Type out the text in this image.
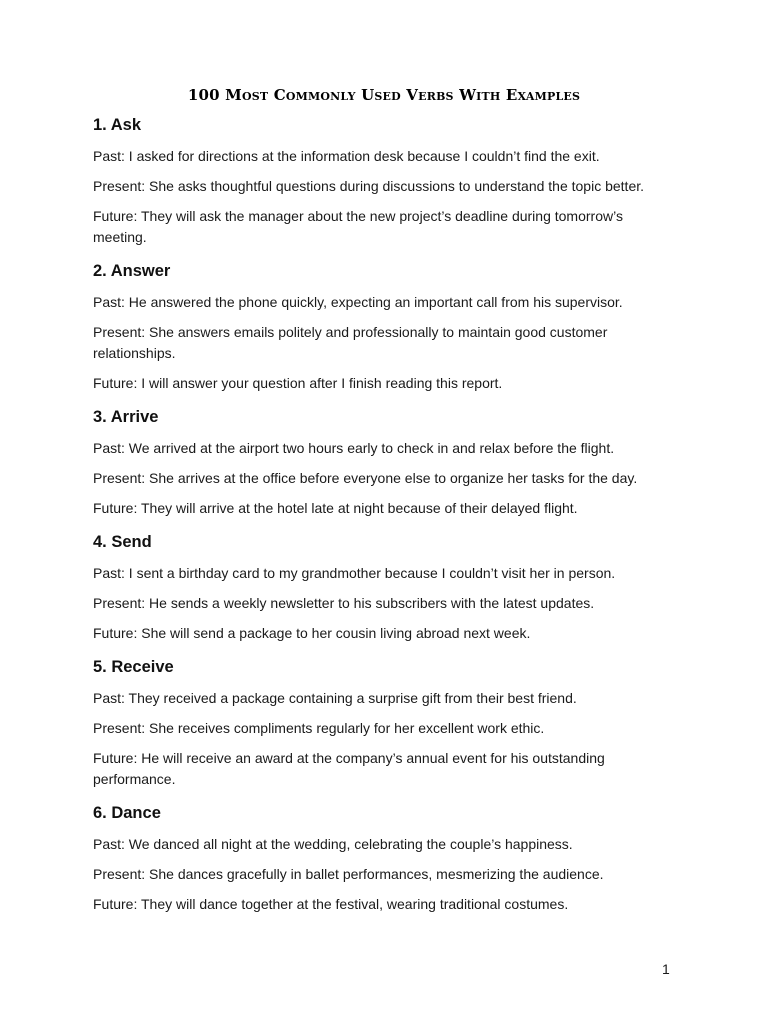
100 Most Commonly Used Verbs With Examples
1. Ask

Past: I asked for directions at the information desk because I couldn’t find the exit.

Present: She asks thoughtful questions during discussions to understand the topic better.

Future: They will ask the manager about the new project’s deadline during tomorrow’s meeting.

2. Answer

Past: He answered the phone quickly, expecting an important call from his supervisor.

Present: She answers emails politely and professionally to maintain good customer relationships.

Future: I will answer your question after I finish reading this report.

3. Arrive

Past: We arrived at the airport two hours early to check in and relax before the flight.

Present: She arrives at the office before everyone else to organize her tasks for the day.

Future: They will arrive at the hotel late at night because of their delayed flight.

4. Send

Past: I sent a birthday card to my grandmother because I couldn’t visit her in person.

Present: He sends a weekly newsletter to his subscribers with the latest updates.

Future: She will send a package to her cousin living abroad next week.

5. Receive

Past: They received a package containing a surprise gift from their best friend.

Present: She receives compliments regularly for her excellent work ethic.

Future: He will receive an award at the company’s annual event for his outstanding performance.

6. Dance

Past: We danced all night at the wedding, celebrating the couple’s happiness.

Present: She dances gracefully in ballet performances, mesmerizing the audience.

Future: They will dance together at the festival, wearing traditional costumes.

1
